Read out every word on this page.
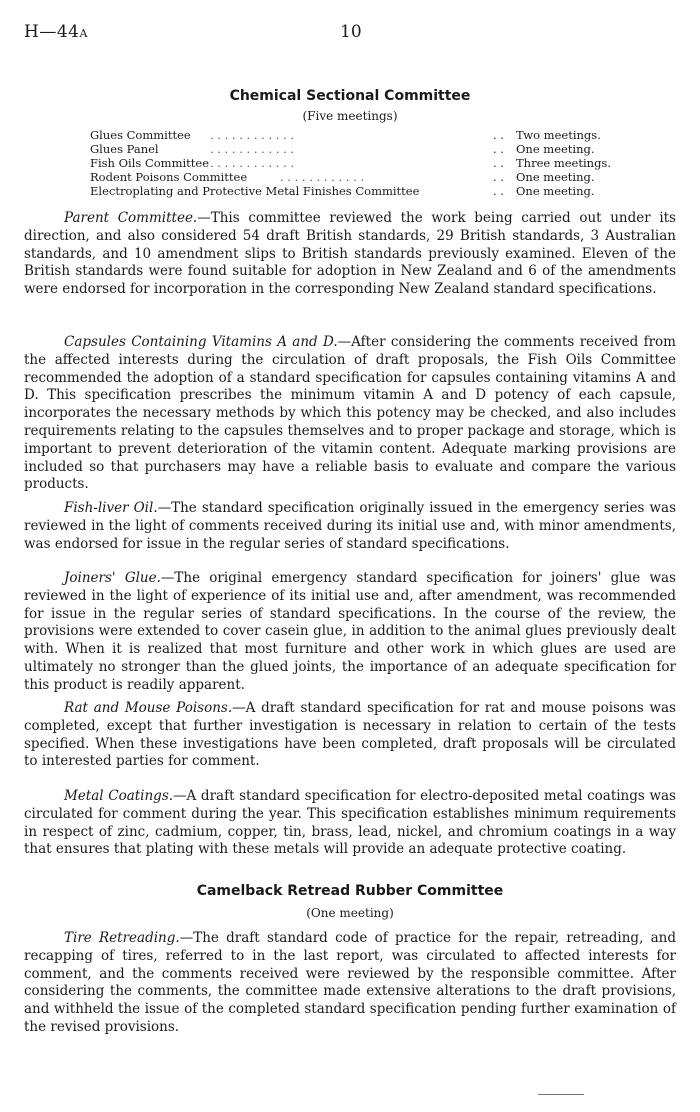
H—44A	10
Chemical Sectional Committee
(Five meetings)
Glues Committee . . . . . . . . . . . .	. . Two meetings.
Glues Panel	. . . . . . . . . . . .	. . One meeting.
Fish Oils Committee . . . . . . . . . . . .	. . Three meetings.
Rodent Poisons Committee	. . . . . . . . . . . .	. . One meeting.
Electroplating and Protective Metal Finishes Committee	. . One meeting.

Parent Committee.—This committee reviewed the work being carried out under its direction, and also considered 54 draft British standards, 29 British standards, 3 Australian standards, and 10 amendment slips to British standards previously examined. Eleven of the British standards were found suitable for adoption in New Zealand and 6 of the amendments were endorsed for incorporation in the corresponding New Zealand standard specifications.

Capsules Containing Vitamins A and D.—After considering the comments received from the affected interests during the circulation of draft proposals, the Fish Oils Committee recommended the adoption of a standard specification for capsules containing vitamins A and D. This specification prescribes the minimum vitamin A and D potency of each capsule, incorporates the necessary methods by which this potency may be checked, and also includes requirements relating to the capsules themselves and to proper package and storage, which is important to prevent deterioration of the vitamin content. Adequate marking provisions are included so that purchasers may have a reliable basis to evaluate and compare the various products.

Fish-liver Oil.—The standard specification originally issued in the emergency series was reviewed in the light of comments received during its initial use and, with minor amendments, was endorsed for issue in the regular series of standard specifications.

Joiners' Glue.—The original emergency standard specification for joiners' glue was reviewed in the light of experience of its initial use and, after amendment, was recommended for issue in the regular series of standard specifications. In the course of the review, the provisions were extended to cover casein glue, in addition to the animal glues previously dealt with. When it is realized that most furniture and other work in which glues are used are ultimately no stronger than the glued joints, the importance of an adequate specification for this product is readily apparent.

Rat and Mouse Poisons.—A draft standard specification for rat and mouse poisons was completed, except that further investigation is necessary in relation to certain of the tests specified. When these investigations have been completed, draft proposals will be circulated to interested parties for comment.

Metal Coatings.—A draft standard specification for electro-deposited metal coatings was circulated for comment during the year. This specification establishes minimum requirements in respect of zinc, cadmium, copper, tin, brass, lead, nickel, and chromium coatings in a way that ensures that plating with these metals will provide an adequate protective coating.

Camelback Retread Rubber Committee
(One meeting)

Tire Retreading.—The draft standard code of practice for the repair, retreading, and recapping of tires, referred to in the last report, was circulated to affected interests for comment, and the comments received were reviewed by the responsible committee. After considering the comments, the committee made extensive alterations to the draft provisions, and withheld the issue of the completed standard specification pending further examination of the revised provisions.
